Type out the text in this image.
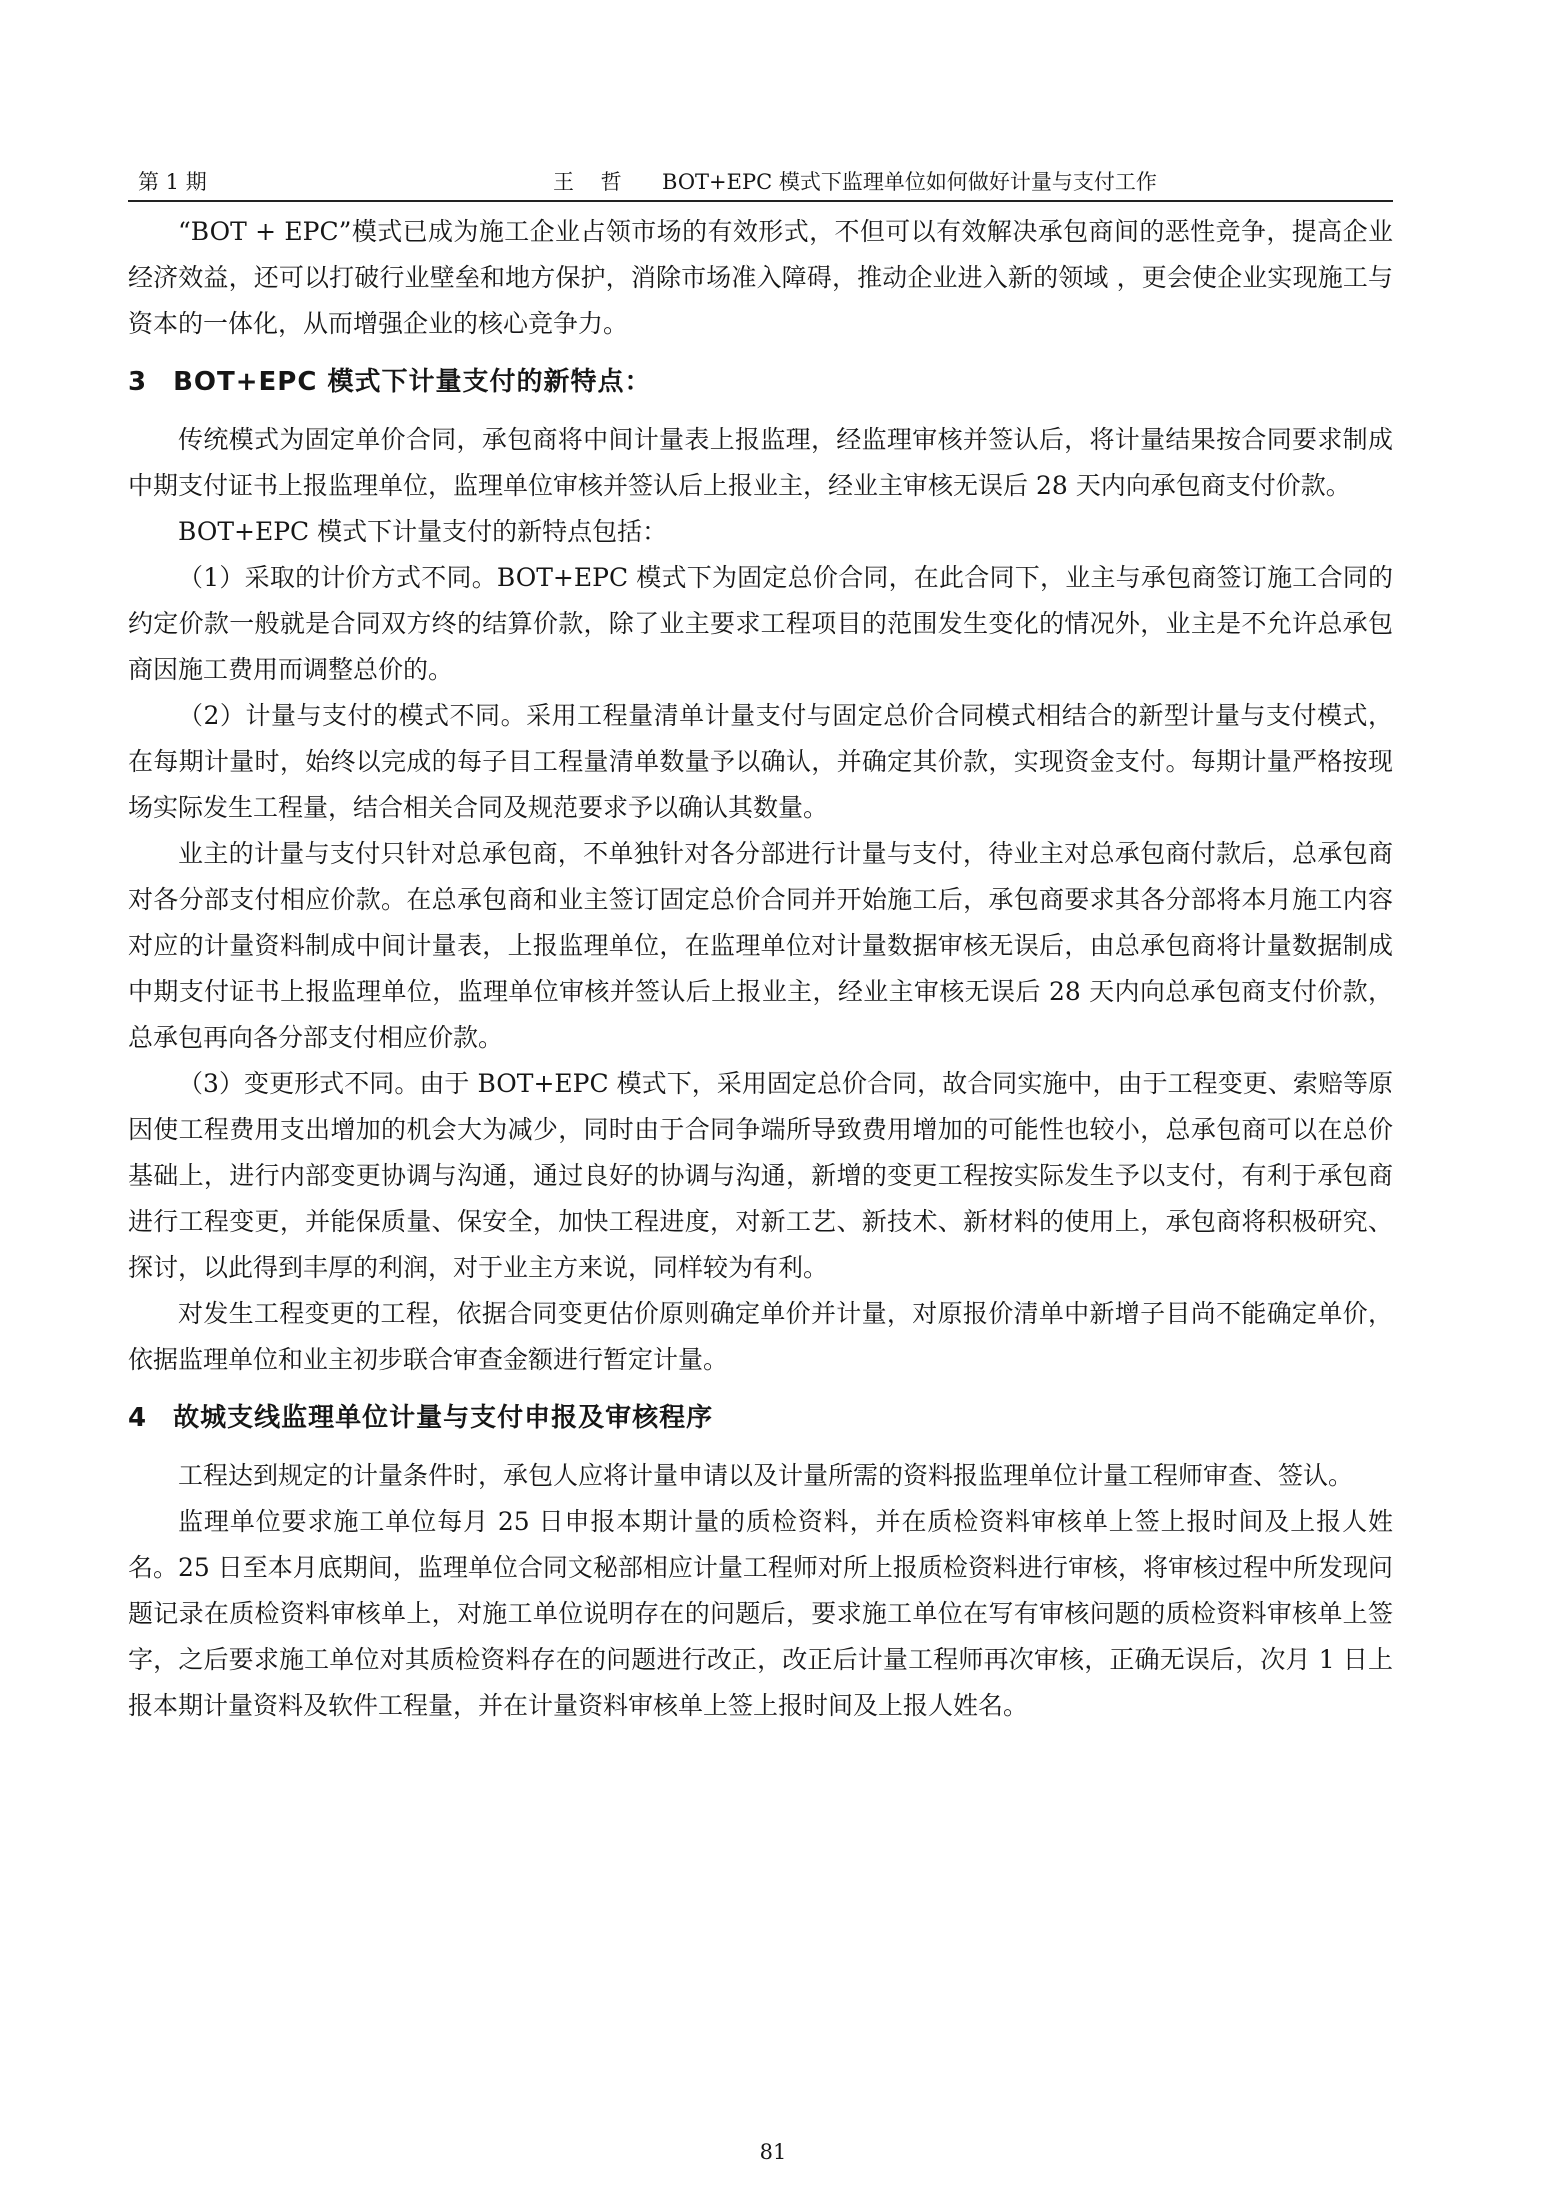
第 1 期	王 哲 BOT+EPC 模式下监理单位如何做好计量与支付工作

“BOT + EPC”模式已成为施工企业占领市场的有效形式，不但可以有效解决承包商间的恶性竞争，提高企业经济效益，还可以打破行业壁垒和地方保护，消除市场准入障碍，推动企业进入新的领域 ，更会使企业实现施工与资本的一体化，从而增强企业的核心竞争力。

3 BOT+EPC 模式下计量支付的新特点：

传统模式为固定单价合同，承包商将中间计量表上报监理，经监理审核并签认后，将计量结果按合同要求制成中期支付证书上报监理单位，监理单位审核并签认后上报业主，经业主审核无误后 28 天内向承包商支付价款。

BOT+EPC 模式下计量支付的新特点包括：

（1）采取的计价方式不同。BOT+EPC 模式下为固定总价合同，在此合同下，业主与承包商签订施工合同的约定价款一般就是合同双方终的结算价款，除了业主要求工程项目的范围发生变化的情况外，业主是不允许总承包商因施工费用而调整总价的。

（2）计量与支付的模式不同。采用工程量清单计量支付与固定总价合同模式相结合的新型计量与支付模式，在每期计量时，始终以完成的每子目工程量清单数量予以确认，并确定其价款，实现资金支付。每期计量严格按现场实际发生工程量，结合相关合同及规范要求予以确认其数量。

业主的计量与支付只针对总承包商，不单独针对各分部进行计量与支付，待业主对总承包商付款后，总承包商对各分部支付相应价款。在总承包商和业主签订固定总价合同并开始施工后，承包商要求其各分部将本月施工内容对应的计量资料制成中间计量表，上报监理单位，在监理单位对计量数据审核无误后，由总承包商将计量数据制成中期支付证书上报监理单位，监理单位审核并签认后上报业主，经业主审核无误后 28 天内向总承包商支付价款，总承包再向各分部支付相应价款。

（3）变更形式不同。由于 BOT+EPC 模式下，采用固定总价合同，故合同实施中，由于工程变更、索赔等原因使工程费用支出增加的机会大为减少，同时由于合同争端所导致费用增加的可能性也较小，总承包商可以在总价基础上，进行内部变更协调与沟通，通过良好的协调与沟通，新增的变更工程按实际发生予以支付，有利于承包商进行工程变更，并能保质量、保安全，加快工程进度，对新工艺、新技术、新材料的使用上，承包商将积极研究、探讨，以此得到丰厚的利润，对于业主方来说，同样较为有利。

对发生工程变更的工程，依据合同变更估价原则确定单价并计量，对原报价清单中新增子目尚不能确定单价，依据监理单位和业主初步联合审查金额进行暂定计量。

4 故城支线监理单位计量与支付申报及审核程序

工程达到规定的计量条件时，承包人应将计量申请以及计量所需的资料报监理单位计量工程师审查、签认。

监理单位要求施工单位每月 25 日申报本期计量的质检资料，并在质检资料审核单上签上报时间及上报人姓名。25 日至本月底期间，监理单位合同文秘部相应计量工程师对所上报质检资料进行审核，将审核过程中所发现问题记录在质检资料审核单上，对施工单位说明存在的问题后，要求施工单位在写有审核问题的质检资料审核单上签字，之后要求施工单位对其质检资料存在的问题进行改正，改正后计量工程师再次审核，正确无误后，次月 1 日上报本期计量资料及软件工程量，并在计量资料审核单上签上报时间及上报人姓名。

81
